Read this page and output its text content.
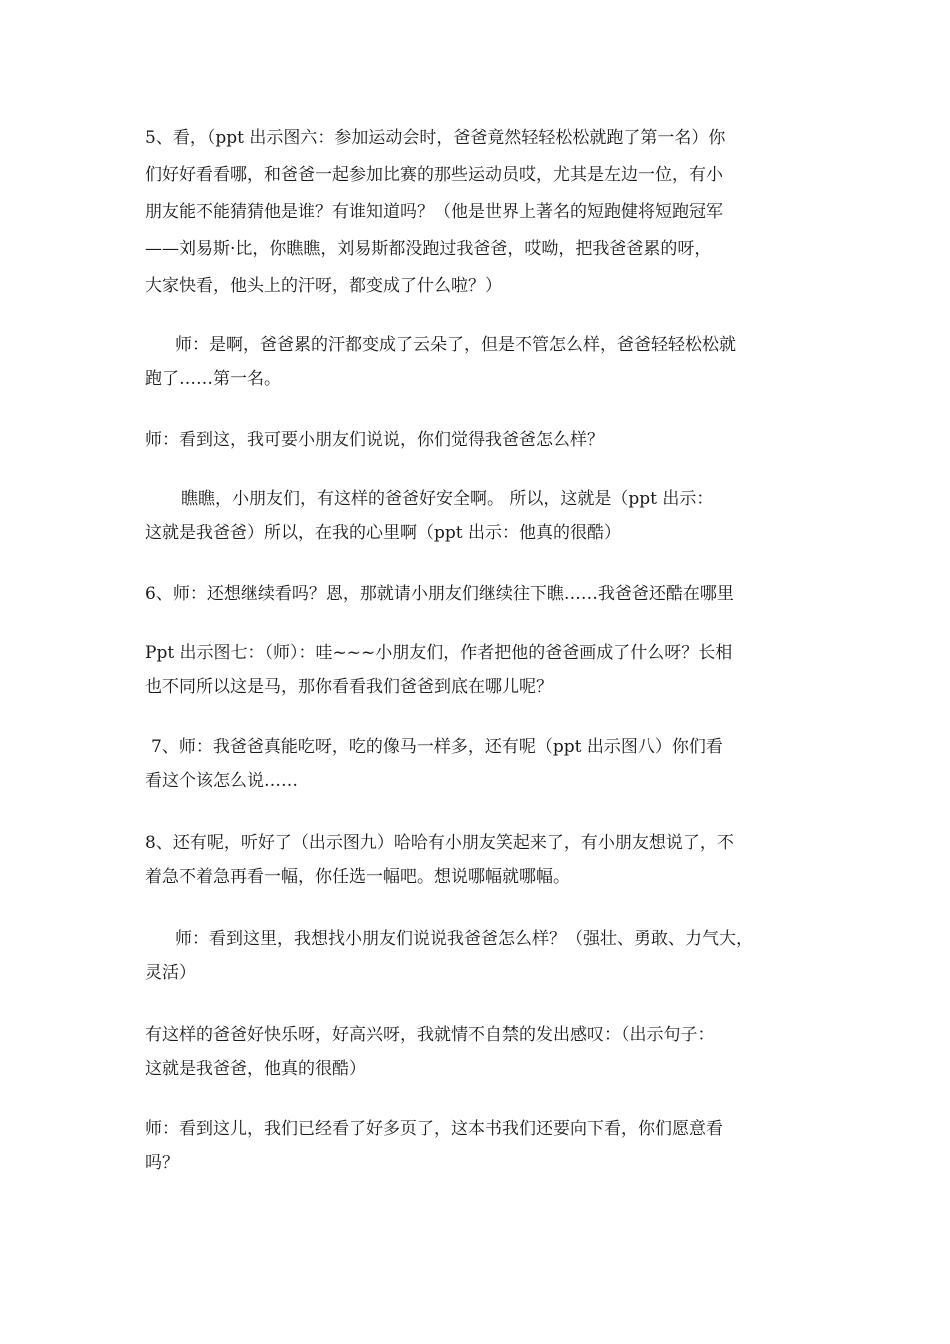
5、看，（ppt 出示图六：参加运动会时，爸爸竟然轻轻松松就跑了第一名）你
们好好看看哪，和爸爸一起参加比赛的那些运动员哎，尤其是左边一位，有小
朋友能不能猜猜他是谁？有谁知道吗？（他是世界上著名的短跑健将短跑冠军
——刘易斯·比，你瞧瞧，刘易斯都没跑过我爸爸，哎呦，把我爸爸累的呀，
大家快看，他头上的汗呀，都变成了什么啦？）
师：是啊，爸爸累的汗都变成了云朵了，但是不管怎么样，爸爸轻轻松松就
跑了……第一名。
师：看到这，我可要小朋友们说说，你们觉得我爸爸怎么样？
瞧瞧，小朋友们，有这样的爸爸好安全啊。 所以，这就是（ppt 出示：
这就是我爸爸）所以，在我的心里啊（ppt 出示：他真的很酷）
6、师：还想继续看吗？恩，那就请小朋友们继续往下瞧……我爸爸还酷在哪里
Ppt 出示图七：（师）：哇~~~小朋友们，作者把他的爸爸画成了什么呀？长相
也不同所以这是马，那你看看我们爸爸到底在哪儿呢？
7、师：我爸爸真能吃呀，吃的像马一样多，还有呢（ppt 出示图八）你们看
看这个该怎么说……
8、还有呢，听好了（出示图九）哈哈有小朋友笑起来了，有小朋友想说了，不
着急不着急再看一幅，你任选一幅吧。想说哪幅就哪幅。
师：看到这里，我想找小朋友们说说我爸爸怎么样？（强壮、勇敢、力气大，
灵活）
有这样的爸爸好快乐呀，好高兴呀，我就情不自禁的发出感叹：（出示句子：
这就是我爸爸，他真的很酷）
师：看到这儿，我们已经看了好多页了，这本书我们还要向下看，你们愿意看
吗？
